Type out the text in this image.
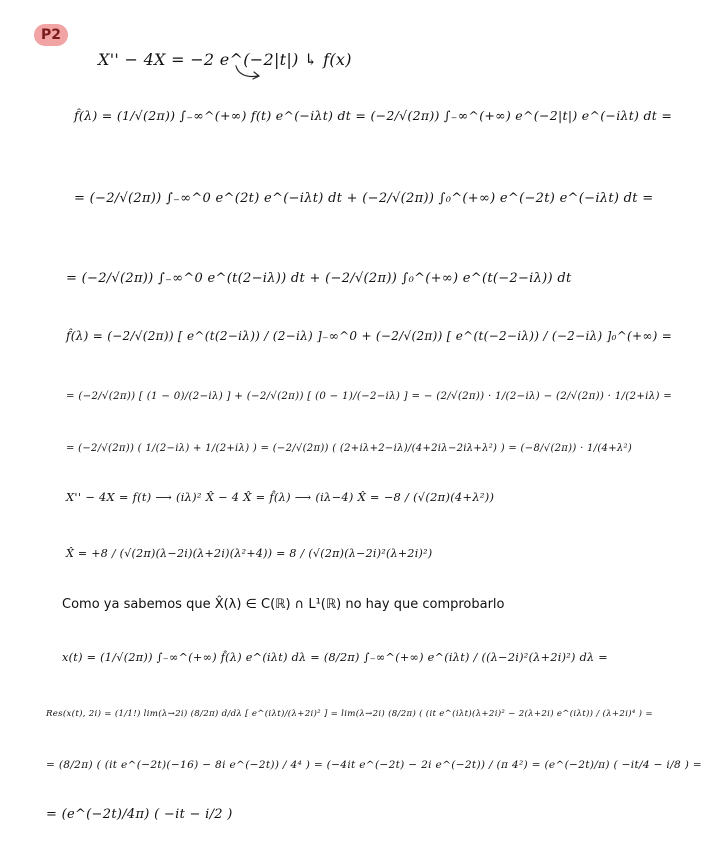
P2
X'' − 4X = −2 e^(−2|t|) ↳ f(x)
f̂(λ) = (1/√(2π)) ∫₋∞^(+∞) f(t) e^(−iλt) dt = (−2/√(2π)) ∫₋∞^(+∞) e^(−2|t|) e^(−iλt) dt =
= (−2/√(2π)) ∫₋∞^0 e^(2t) e^(−iλt) dt + (−2/√(2π)) ∫₀^(+∞) e^(−2t) e^(−iλt) dt =
= (−2/√(2π)) ∫₋∞^0 e^(t(2−iλ)) dt + (−2/√(2π)) ∫₀^(+∞) e^(t(−2−iλ)) dt
f̂(λ) = (−2/√(2π)) [ e^(t(2−iλ)) / (2−iλ) ]₋∞^0 + (−2/√(2π)) [ e^(t(−2−iλ)) / (−2−iλ) ]₀^(+∞) =
= (−2/√(2π)) [ (1 − 0)/(2−iλ) ] + (−2/√(2π)) [ (0 − 1)/(−2−iλ) ] = − (2/√(2π)) · 1/(2−iλ) − (2/√(2π)) · 1/(2+iλ) =
= (−2/√(2π)) ( 1/(2−iλ) + 1/(2+iλ) ) = (−2/√(2π)) ( (2+iλ+2−iλ)/(4+2iλ−2iλ+λ²) ) = (−8/√(2π)) · 1/(4+λ²)
X'' − 4X = f(t) ⟶ (iλ)² X̂ − 4 X̂ = f̂(λ) ⟶ (iλ−4) X̂ = −8 / (√(2π)(4+λ²))
X̂ = +8 / (√(2π)(λ−2i)(λ+2i)(λ²+4)) = 8 / (√(2π)(λ−2i)²(λ+2i)²)
Como ya sabemos que X̂(λ) ∈ C(ℝ) ∩ L¹(ℝ) no hay que comprobarlo
x(t) = (1/√(2π)) ∫₋∞^(+∞) f̂(λ) e^(iλt) dλ = (8/2π) ∫₋∞^(+∞) e^(iλt) / ((λ−2i)²(λ+2i)²) dλ =
Res(x(t), 2i) = (1/1!) lim(λ→2i) (8/2π) d/dλ [ e^(iλt)/(λ+2i)² ] = lim(λ→2i) (8/2π) ( (it e^(iλt)(λ+2i)² − 2(λ+2i) e^(iλt)) / (λ+2i)⁴ ) =
= (8/2π) ( (it e^(−2t)(−16) − 8i e^(−2t)) / 4⁴ ) = (−4it e^(−2t) − 2i e^(−2t)) / (π 4²) = (e^(−2t)/π) ( −it/4 − i/8 ) =
= (e^(−2t)/4π) ( −it − i/2 )
